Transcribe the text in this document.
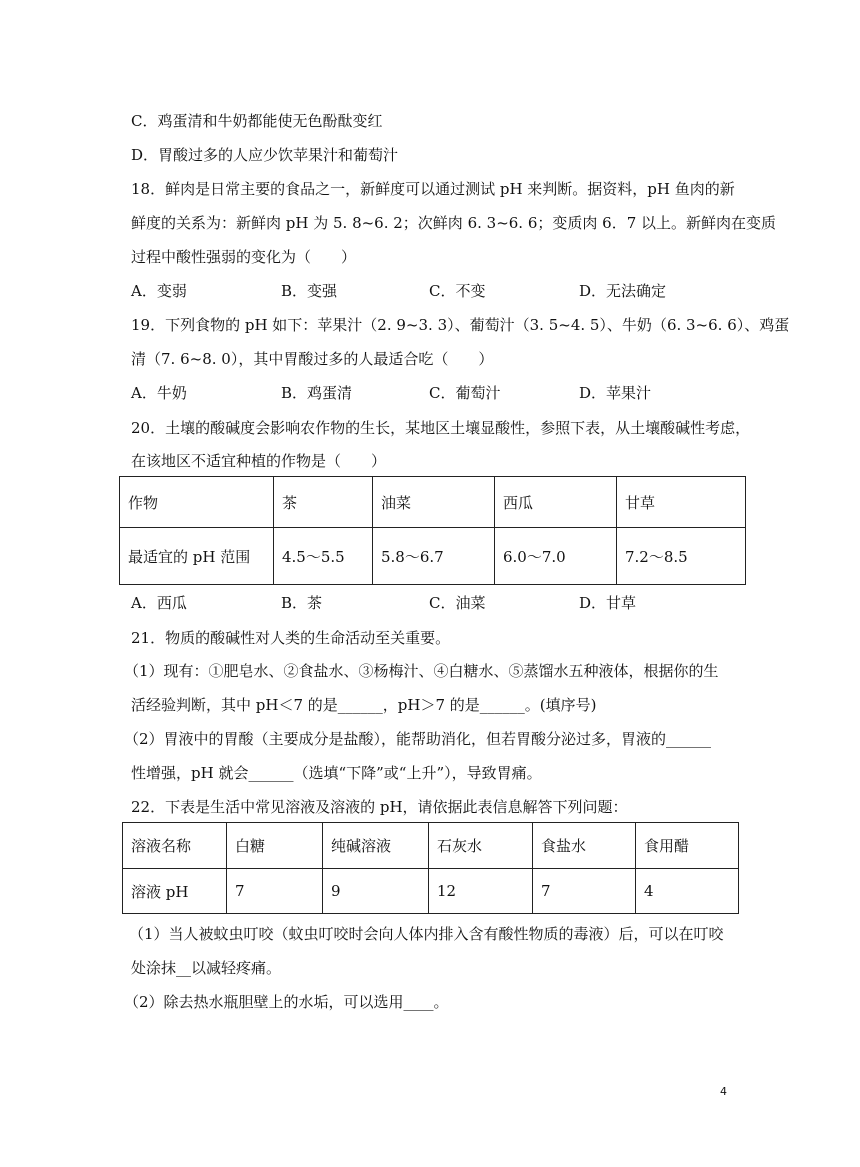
C．鸡蛋清和牛奶都能使无色酚酞变红
D．胃酸过多的人应少饮苹果汁和葡萄汁
18．鲜肉是日常主要的食品之一，新鲜度可以通过测试 pH 来判断。据资料，pH 鱼肉的新
鲜度的关系为：新鲜肉 pH 为 5. 8~6. 2；次鲜肉 6. 3~6. 6；变质肉 6．7 以上。新鲜肉在变质
过程中酸性强弱的变化为（　　）
A．变弱	B．变强	C．不变	D．无法确定
19．下列食物的 pH 如下：苹果汁（2. 9~3. 3）、葡萄汁（3. 5~4. 5）、牛奶（6. 3~6. 6）、鸡蛋
清（7. 6~8. 0），其中胃酸过多的人最适合吃（　　）
A．牛奶	B．鸡蛋清	C．葡萄汁	D．苹果汁
20．土壤的酸碱度会影响农作物的生长，某地区土壤显酸性，参照下表，从土壤酸碱性考虑，
在该地区不适宜种植的作物是（　　）
作物	茶	油菜	西瓜	甘草
最适宜的 pH 范围	4.5～5.5	5.8～6.7	6.0～7.0	7.2～8.5
A．西瓜	B．茶	C．油菜	D．甘草
21．物质的酸碱性对人类的生命活动至关重要。
（1）现有：①肥皂水、②食盐水、③杨梅汁、④白糖水、⑤蒸馏水五种液体，根据你的生
活经验判断，其中 pH＜7 的是______，pH＞7 的是______。(填序号)
（2）胃液中的胃酸（主要成分是盐酸），能帮助消化，但若胃酸分泌过多，胃液的______
性增强，pH 就会______（选填“下降”或“上升”），导致胃痛。
22．下表是生活中常见溶液及溶液的 pH，请依据此表信息解答下列问题：
溶液名称	白糖	纯碱溶液	石灰水	食盐水	食用醋
溶液 pH	7	9	12	7	4
（1）当人被蚊虫叮咬（蚊虫叮咬时会向人体内排入含有酸性物质的毒液）后，可以在叮咬
处涂抹__以减轻疼痛。
（2）除去热水瓶胆壁上的水垢，可以选用____。
4
